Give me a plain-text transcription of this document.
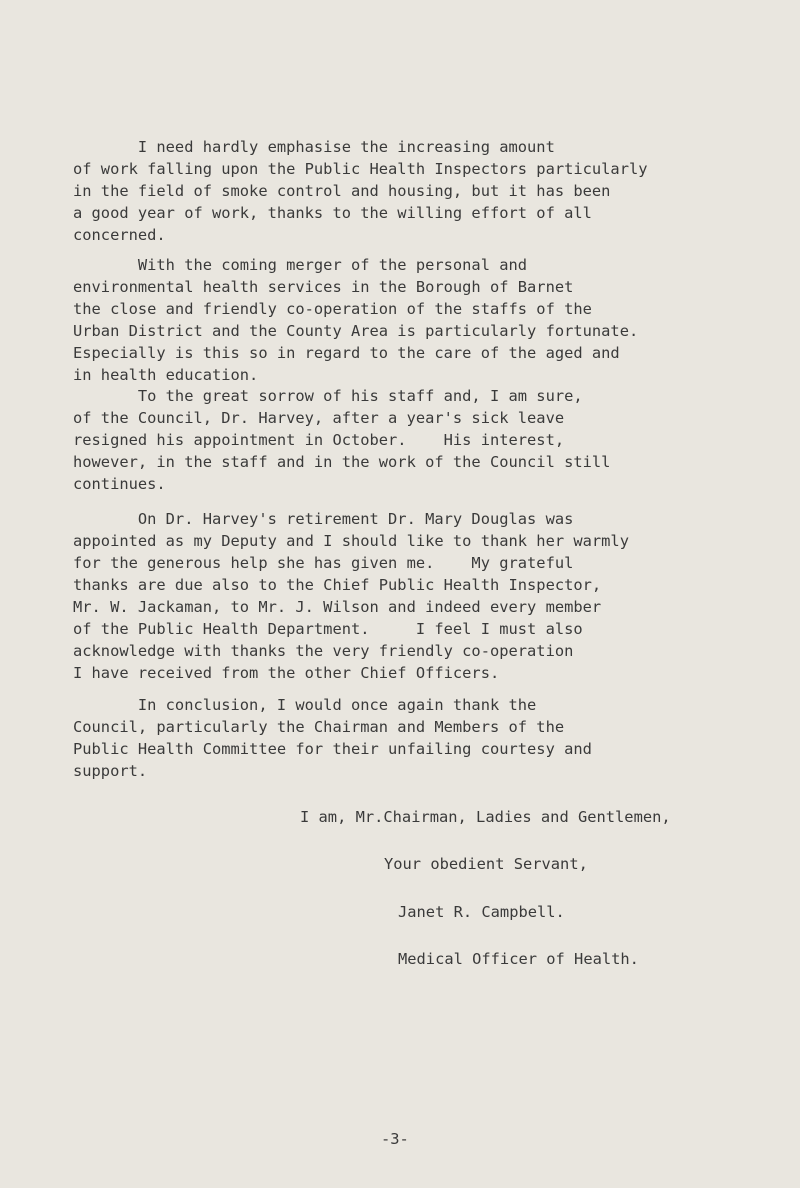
I need hardly emphasise the increasing amount
of work falling upon the Public Health Inspectors particularly
in the field of smoke control and housing, but it has been
a good year of work, thanks to the willing effort of all
concerned.

With the coming merger of the personal and
environmental health services in the Borough of Barnet
the close and friendly co-operation of the staffs of the
Urban District and the County Area is particularly fortunate.
Especially is this so in regard to the care of the aged and
in health education.

To the great sorrow of his staff and, I am sure,
of the Council, Dr. Harvey, after a year's sick leave
resigned his appointment in October.    His interest,
however, in the staff and in the work of the Council still
continues.

On Dr. Harvey's retirement Dr. Mary Douglas was
appointed as my Deputy and I should like to thank her warmly
for the generous help she has given me.    My grateful
thanks are due also to the Chief Public Health Inspector,
Mr. W. Jackaman, to Mr. J. Wilson and indeed every member
of the Public Health Department.     I feel I must also
acknowledge with thanks the very friendly co-operation
I have received from the other Chief Officers.

In conclusion, I would once again thank the
Council, particularly the Chairman and Members of the
Public Health Committee for their unfailing courtesy and
support.

I am, Mr.Chairman, Ladies and Gentlemen,

Your obedient Servant,

Janet R. Campbell.

Medical Officer of Health.

-3-
